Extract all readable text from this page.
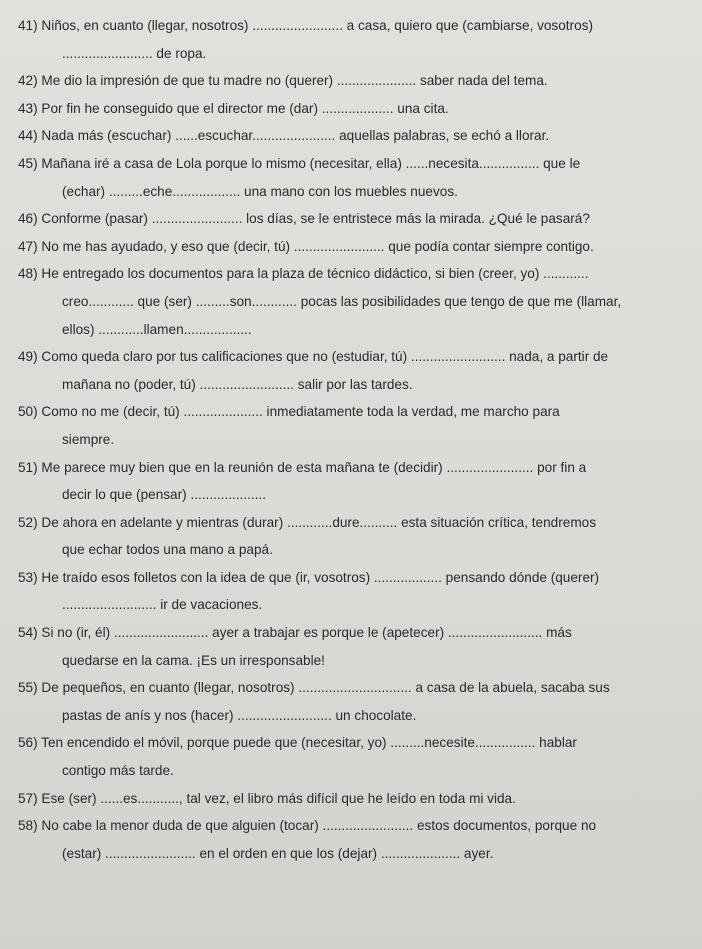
41) Niños, en cuanto (llegar, nosotros) ........................ a casa, quiero que (cambiarse, vosotros)
........................ de ropa.
42) Me dio la impresión de que tu madre no (querer) ..................... saber nada del tema.
43) Por fin he conseguido que el director me (dar) ................... una cita.
44) Nada más (escuchar) ......escuchar...................... aquellas palabras, se echó a llorar.
45) Mañana iré a casa de Lola porque lo mismo (necesitar, ella) ......necesita................ que le
(echar) .........eche.................. una mano con los muebles nuevos.
46) Conforme (pasar) ........................ los días, se le entristece más la mirada. ¿Qué le pasará?
47) No me has ayudado, y eso que (decir, tú) ........................ que podía contar siempre contigo.
48) He entregado los documentos para la plaza de técnico didáctico, si bien (creer, yo) ............
creo............ que (ser) .........son............ pocas las posibilidades que tengo de que me (llamar,
ellos) ............llamen..................
49) Como queda claro por tus calificaciones que no (estudiar, tú) ......................... nada, a partir de
mañana no (poder, tú) ......................... salir por las tardes.
50) Como no me (decir, tú) ..................... inmediatamente toda la verdad, me marcho para
siempre.
51) Me parece muy bien que en la reunión de esta mañana te (decidir) ....................... por fin a
decir lo que (pensar) ....................
52) De ahora en adelante y mientras (durar) ............dure.......... esta situación crítica, tendremos
que echar todos una mano a papá.
53) He traído esos folletos con la idea de que (ir, vosotros) .................. pensando dónde (querer)
......................... ir de vacaciones.
54) Si no (ir, él) ......................... ayer a trabajar es porque le (apetecer) ......................... más
quedarse en la cama. ¡Es un irresponsable!
55) De pequeños, en cuanto (llegar, nosotros) .............................. a casa de la abuela, sacaba sus
pastas de anís y nos (hacer) ......................... un chocolate.
56) Ten encendido el móvil, porque puede que (necesitar, yo) .........necesite................ hablar
contigo más tarde.
57) Ese (ser) ......es..........., tal vez, el libro más difícil que he leído en toda mi vida.
58) No cabe la menor duda de que alguien (tocar) ........................ estos documentos, porque no
(estar) ........................ en el orden en que los (dejar) ..................... ayer.
